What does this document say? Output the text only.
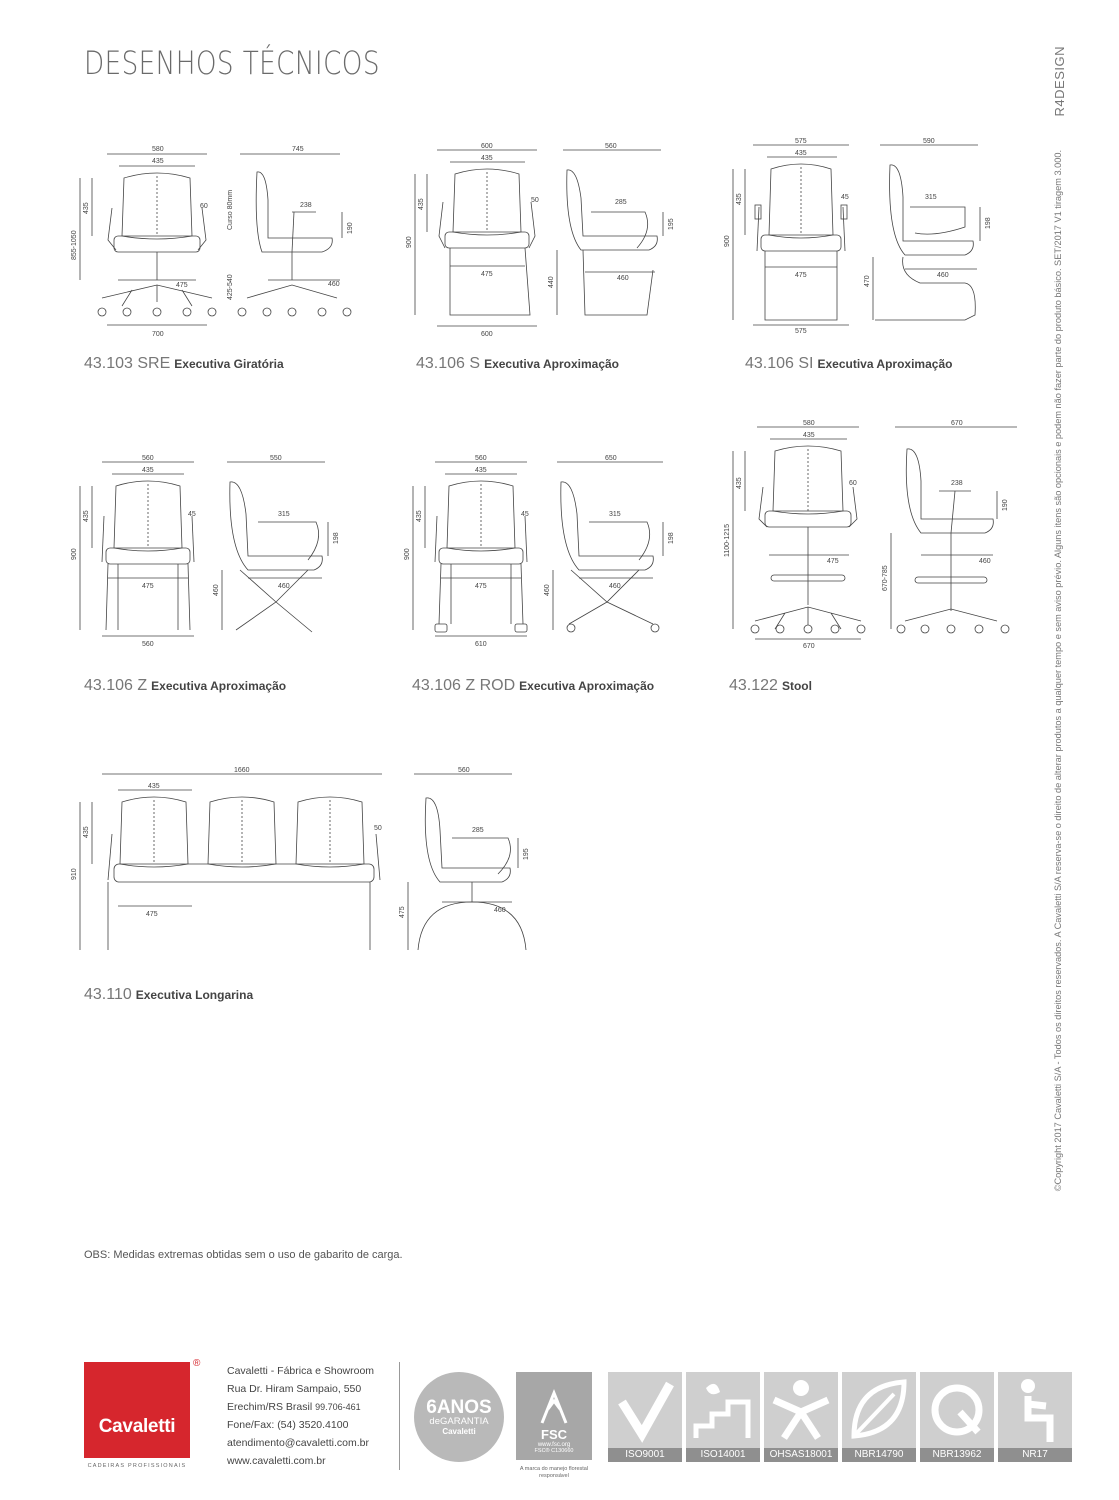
DESENHOS TÉCNICOS	R4DESIGN
©Copyright 2017 Cavaletti S/A - Todos os direitos reservados. A Cavaletti S/A reserva-se o direito de alterar produtos a qualquer tempo e sem aviso prévio. Alguns itens são opcionais e podem não fazer parte do produto básico. SET/2017 V1 tiragem 3.000.
580
435
700
435
855-1050
475
60
745
238
190
Curso 80mm
425-540	460
43.103 SRE Executiva Giratória
600
435
475
600
435
900
50
560
285
195
440	460
43.106 S Executiva Aproximação
575
435
475
575
435
900
45
590
315
198
470	460
43.106 SI Executiva Aproximação
560
435
475
560
435
900
45
550
315
198
460	460
43.106 Z Executiva Aproximação
560
435
475
610
435
900
45
650
315
198
460	460
43.106 Z ROD Executiva Aproximação
580
435
670
435
1100-1215
475
60
670
238
190
670-785
460
43.122 Stool
1660
435
475
435
910
50
560
285
195
475	460
43.110 Executiva Longarina
OBS: Medidas extremas obtidas sem o uso de gabarito de carga.
Cavaletti
®
CADEIRAS PROFISSIONAIS
Cavaletti - Fábrica e Showroom
Rua Dr. Hiram Sampaio, 550
Erechim/RS Brasil 99.706-461
Fone/Fax: (54) 3520.4100
atendimento@cavaletti.com.br
www.cavaletti.com.br
6ANOS
deGARANTIA
Cavaletti	FSC
www.fsc.org
FSC® C130660
A marca do manejo florestal responsável
ISO9001	ISO14001	OHSAS18001	NBR14790	NBR13962	NR17
